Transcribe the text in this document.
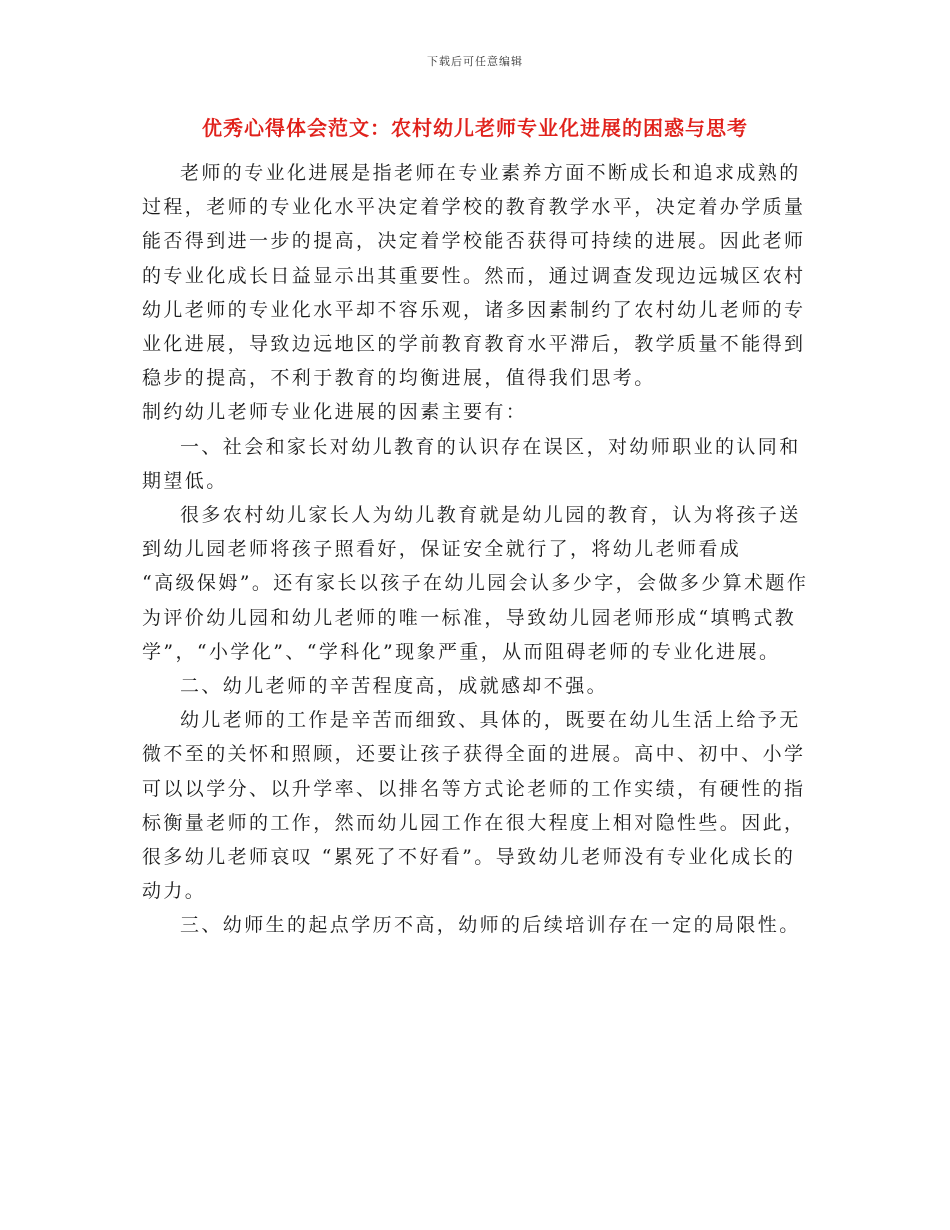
下载后可任意编辑
优秀心得体会范文：农村幼儿老师专业化进展的困惑与思考

老师的专业化进展是指老师在专业素养方面不断成长和追求成熟的过程，老师的专业化水平决定着学校的教育教学水平，决定着办学质量能否得到进一步的提高，决定着学校能否获得可持续的进展。因此老师的专业化成长日益显示出其重要性。然而，通过调查发现边远城区农村幼儿老师的专业化水平却不容乐观，诸多因素制约了农村幼儿老师的专业化进展，导致边远地区的学前教育教育水平滞后，教学质量不能得到稳步的提高，不利于教育的均衡进展，值得我们思考。

制约幼儿老师专业化进展的因素主要有：

一、社会和家长对幼儿教育的认识存在误区，对幼师职业的认同和期望低。

很多农村幼儿家长人为幼儿教育就是幼儿园的教育，认为将孩子送到幼儿园老师将孩子照看好，保证安全就行了，将幼儿老师看成

“高级保姆”。还有家长以孩子在幼儿园会认多少字，会做多少算术题作为评价幼儿园和幼儿老师的唯一标准，导致幼儿园老师形成“填鸭式教学”，“小学化”、“学科化”现象严重，从而阻碍老师的专业化进展。

二、幼儿老师的辛苦程度高，成就感却不强。

幼儿老师的工作是辛苦而细致、具体的，既要在幼儿生活上给予无微不至的关怀和照顾，还要让孩子获得全面的进展。高中、初中、小学可以以学分、以升学率、以排名等方式论老师的工作实绩，有硬性的指标衡量老师的工作，然而幼儿园工作在很大程度上相对隐性些。因此，很多幼儿老师哀叹 “累死了不好看”。导致幼儿老师没有专业化成长的动力。

三、幼师生的起点学历不高，幼师的后续培训存在一定的局限性。
